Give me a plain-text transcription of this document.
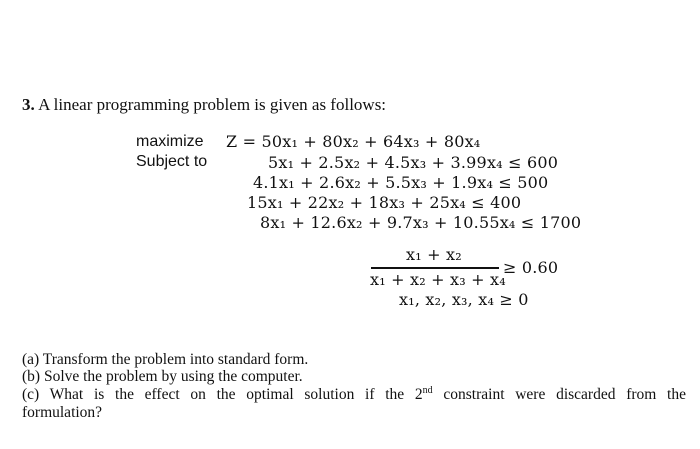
3. A linear programming problem is given as follows:
maximize
Subject to
Z = 50x₁ + 80x₂ + 64x₃ + 80x₄
5x₁ + 2.5x₂ + 4.5x₃ + 3.99x₄ ≤ 600
4.1x₁ + 2.6x₂ + 5.5x₃ + 1.9x₄ ≤ 500
15x₁ + 22x₂ + 18x₃ + 25x₄ ≤ 400
8x₁ + 12.6x₂ + 9.7x₃ + 10.55x₄ ≤ 1700
x₁ + x₂
x₁ + x₂ + x₃ + x₄
≥ 0.60
x₁, x₂, x₃, x₄ ≥ 0
(a) Transform the problem into standard form.
(b) Solve the problem by using the computer.
(c) What is the effect on the optimal solution if the 2nd constraint were discarded from the
formulation?
